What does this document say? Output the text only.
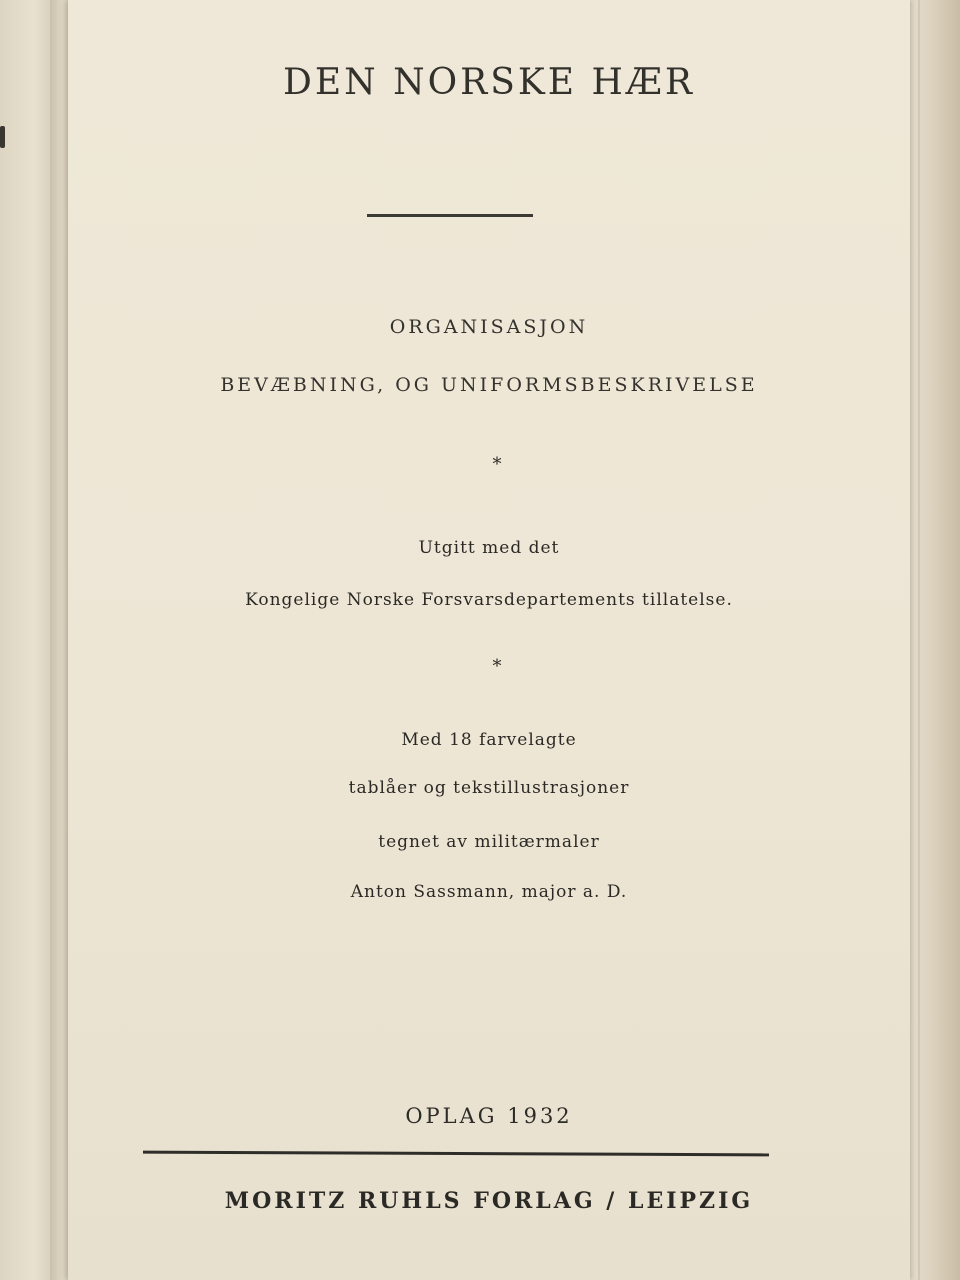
DEN NORSKE HÆR
ORGANISASJON
BEVÆBNING, OG UNIFORMSBESKRIVELSE
*
Utgitt med det
Kongelige Norske Forsvarsdepartements tillatelse.
*
Med 18 farvelagte
tablåer og tekstillustrasjoner
tegnet av militærmaler
Anton Sassmann, major a. D.
OPLAG 1932
MORITZ RUHLS FORLAG / LEIPZIG
